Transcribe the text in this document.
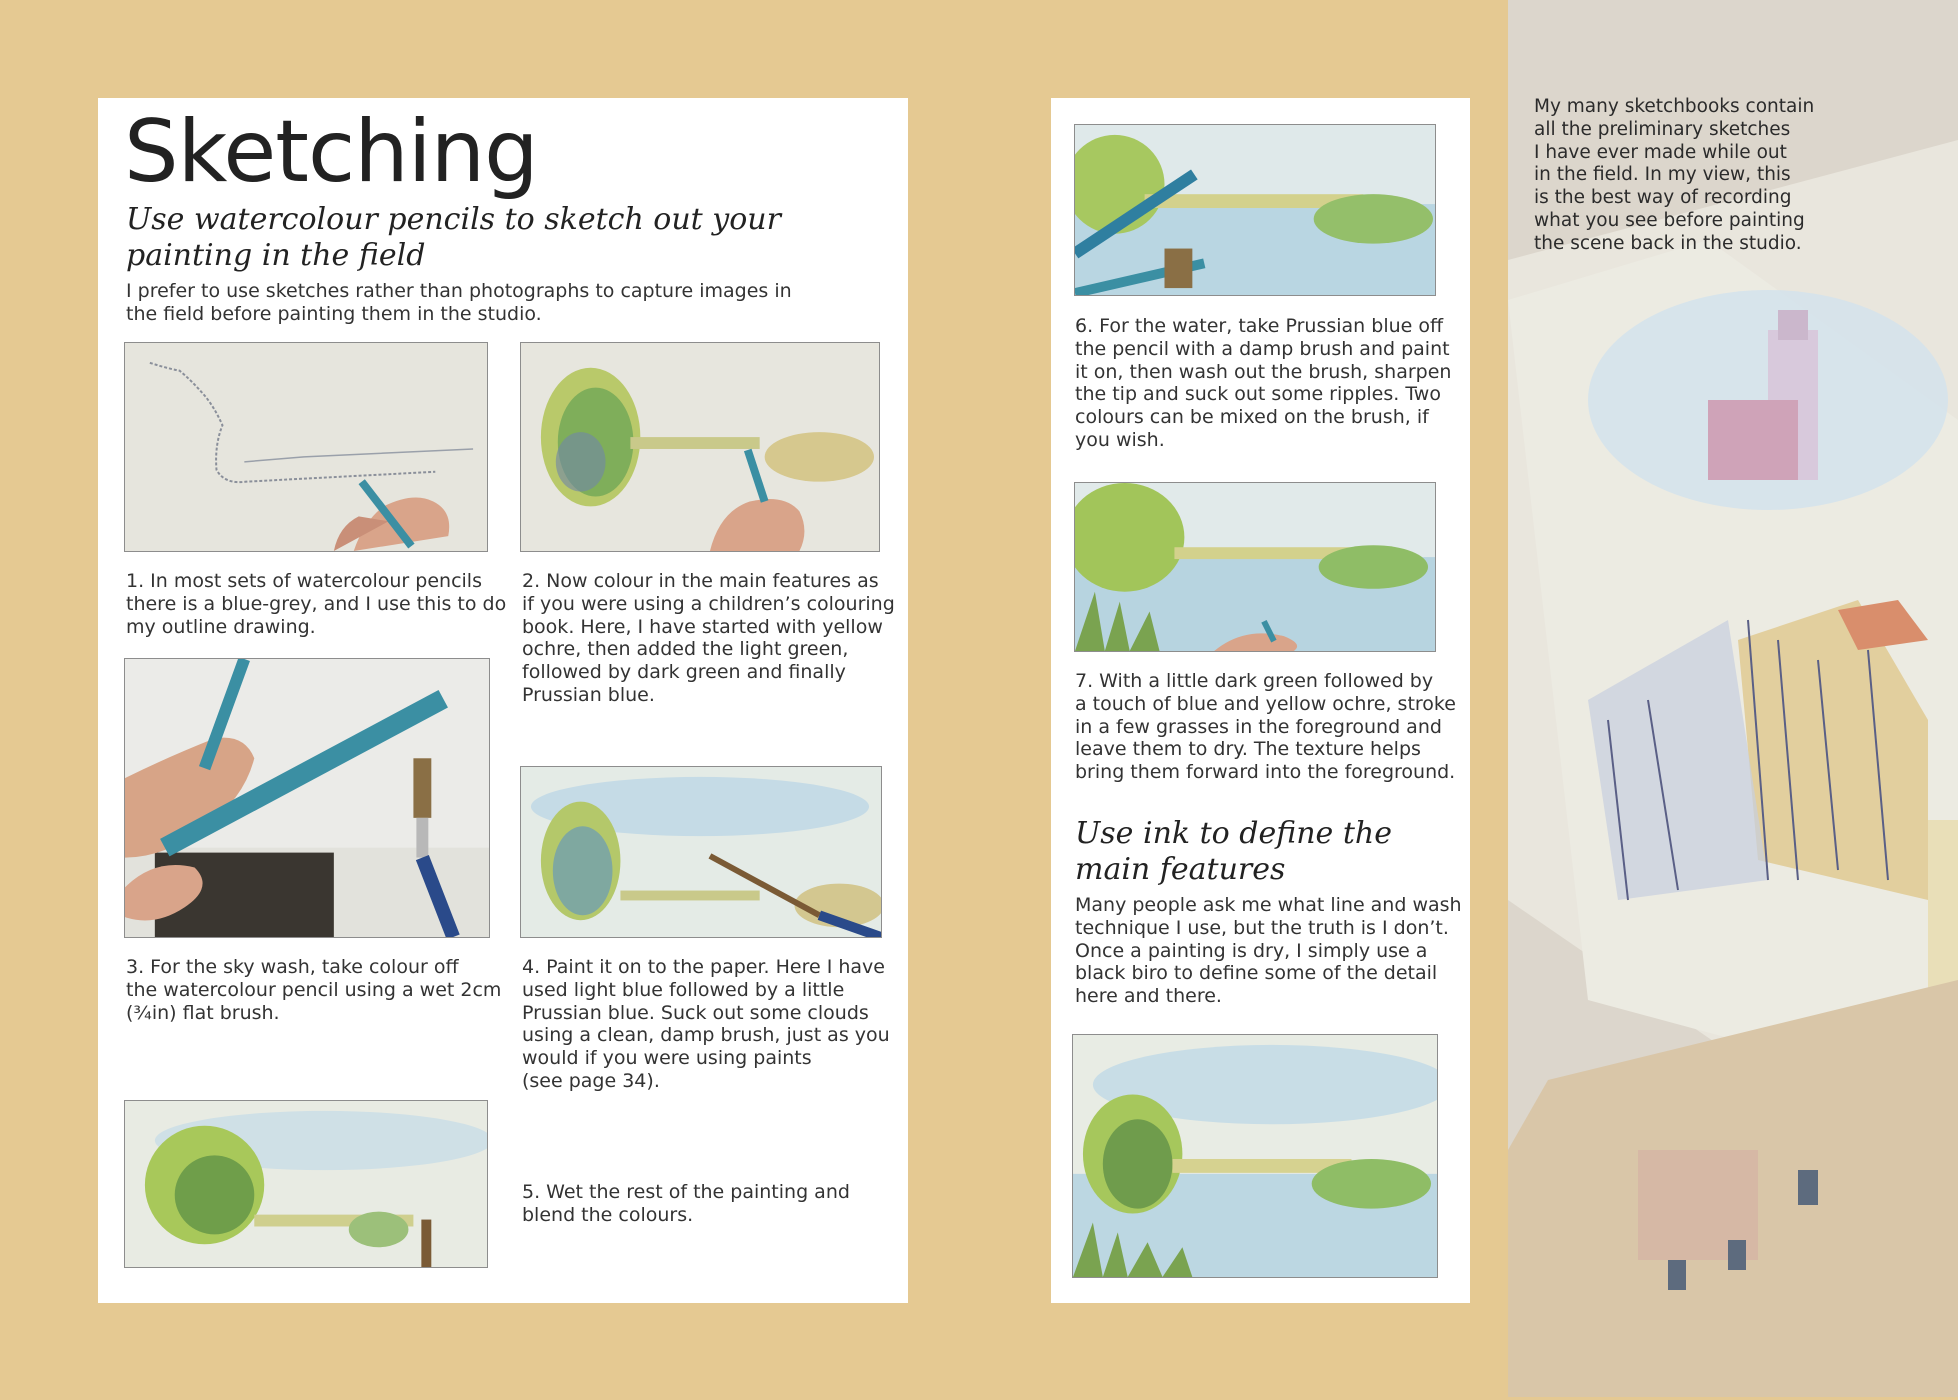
Sketching
Use watercolour pencils to sketch out your
painting in the field
I prefer to use sketches rather than photographs to capture images in
the field before painting them in the studio.
1. In most sets of watercolour pencils
there is a blue-grey, and I use this to do
my outline drawing.
2. Now colour in the main features as
if you were using a children’s colouring
book. Here, I have started with yellow
ochre, then added the light green,
followed by dark green and finally
Prussian blue.
3. For the sky wash, take colour off
the watercolour pencil using a wet 2cm
(¾in) flat brush.
4. Paint it on to the paper. Here I have
used light blue followed by a little
Prussian blue. Suck out some clouds
using a clean, damp brush, just as you
would if you were using paints
(see page 34).
5. Wet the rest of the painting and
blend the colours.
6. For the water, take Prussian blue off
the pencil with a damp brush and paint
it on, then wash out the brush, sharpen
the tip and suck out some ripples. Two
colours can be mixed on the brush, if
you wish.
7. With a little dark green followed by
a touch of blue and yellow ochre, stroke
in a few grasses in the foreground and
leave them to dry. The texture helps
bring them forward into the foreground.
Use ink to define the
main features
Many people ask me what line and wash
technique I use, but the truth is I don’t.
Once a painting is dry, I simply use a
black biro to define some of the detail
here and there.
My many sketchbooks contain
all the preliminary sketches
I have ever made while out
in the field. In my view, this
is the best way of recording
what you see before painting
the scene back in the studio.
